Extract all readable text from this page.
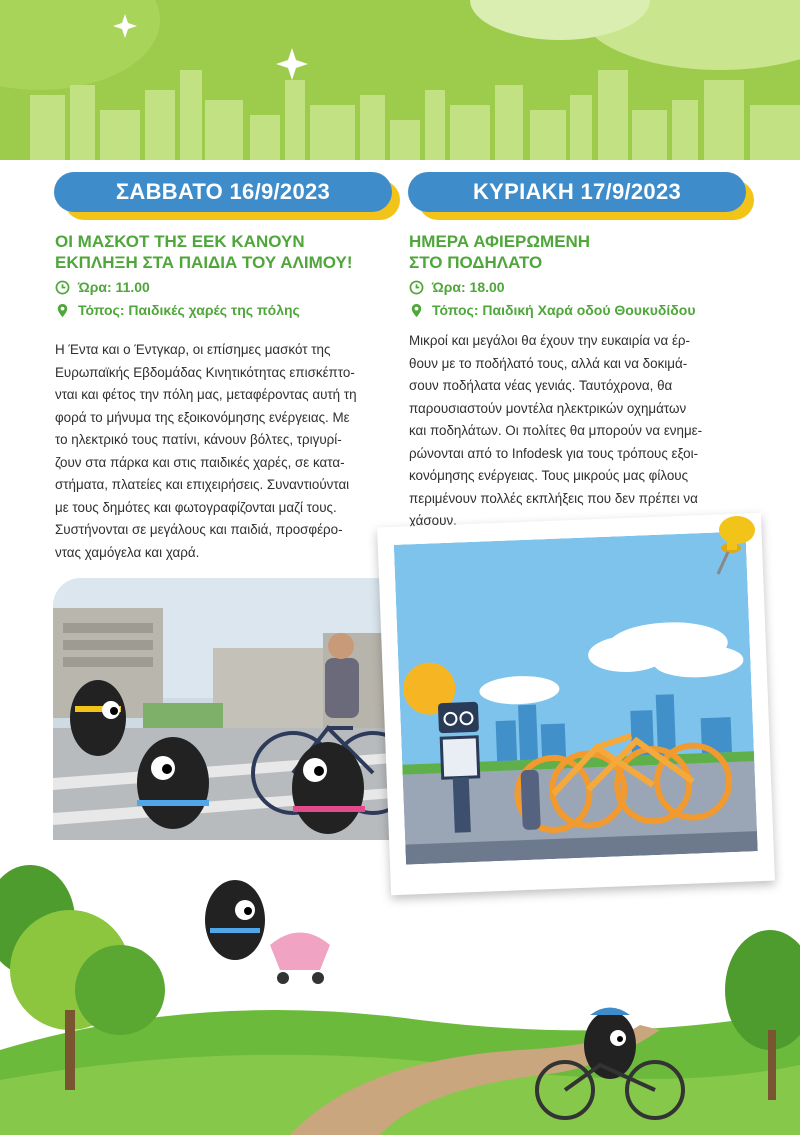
ΣΑΒΒΑΤΟ 16/9/2023
ΟΙ ΜΑΣΚΟΤ ΤΗΣ ΕΕΚ ΚΑΝΟΥΝ
ΕΚΠΛΗΞΗ ΣΤΑ ΠΑΙΔΙΑ ΤΟΥ ΑΛΙΜΟΥ!
Ώρα: 11.00
Τόπος: Παιδικές χαρές της πόλης
Η Έντα και ο Έντγκαρ, οι επίσημες μασκότ της
Ευρωπαϊκής Εβδομάδας Κινητικότητας επισκέπτο-
νται και φέτος την πόλη μας, μεταφέροντας αυτή τη
φορά το μήνυμα της εξοικονόμησης ενέργειας. Με
το ηλεκτρικό τους πατίνι, κάνουν βόλτες, τριγυρί-
ζουν στα πάρκα και στις παιδικές χαρές, σε κατα-
στήματα, πλατείες και επιχειρήσεις. Συναντιούνται
με τους δημότες και φωτογραφίζονται μαζί τους.
Συστήνονται σε μεγάλους και παιδιά, προσφέρο-
ντας χαμόγελα και χαρά.
ΚΥΡΙΑΚΗ 17/9/2023
ΗΜΕΡΑ ΑΦΙΕΡΩΜΕΝΗ
ΣΤΟ ΠΟΔΗΛΑΤΟ
Ώρα: 18.00
Τόπος: Παιδική Χαρά οδού Θουκυδίδου
Μικροί και μεγάλοι θα έχουν την ευκαιρία να έρ-
θουν με το ποδήλατό τους, αλλά και να δοκιμά-
σουν ποδήλατα νέας γενιάς. Ταυτόχρονα, θα
παρουσιαστούν μοντέλα ηλεκτρικών οχημάτων
και ποδηλάτων. Οι πολίτες θα μπορούν να ενημε-
ρώνονται από το Infodesk για τους τρόπους εξοι-
κονόμησης ενέργειας. Τους μικρούς μας φίλους
περιμένουν πολλές εκπλήξεις που δεν πρέπει να
χάσουν.
